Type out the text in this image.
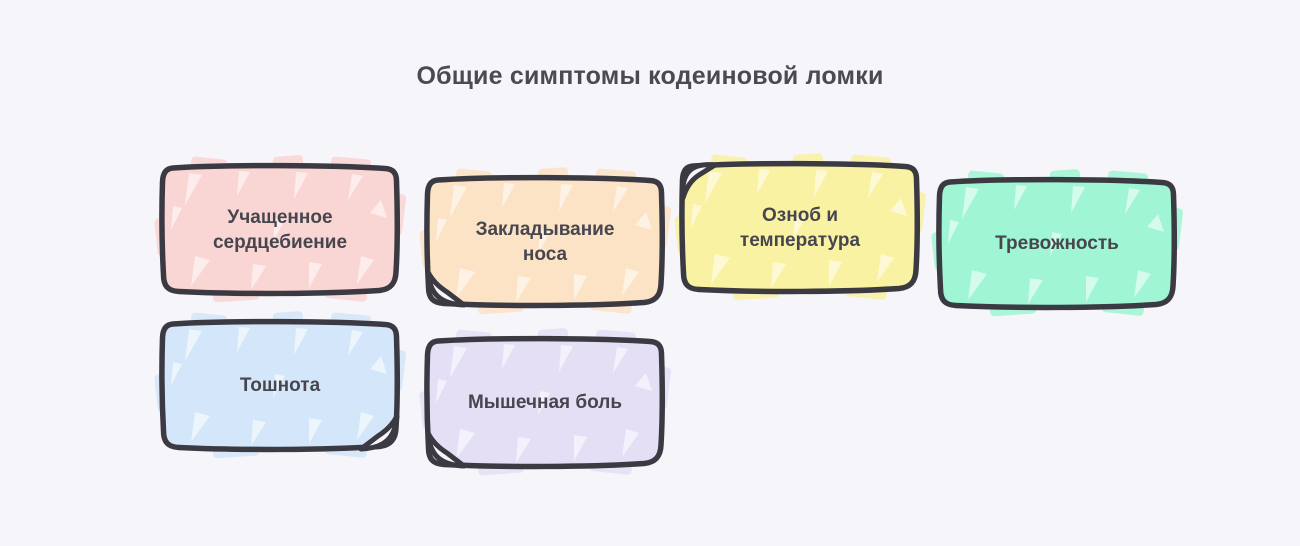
Общие симптомы кодеиновой ломки
Учащенное сердцебиение
Закладывание носа
Озноб и температура	Тревожность
Тошнота
Мышечная боль
